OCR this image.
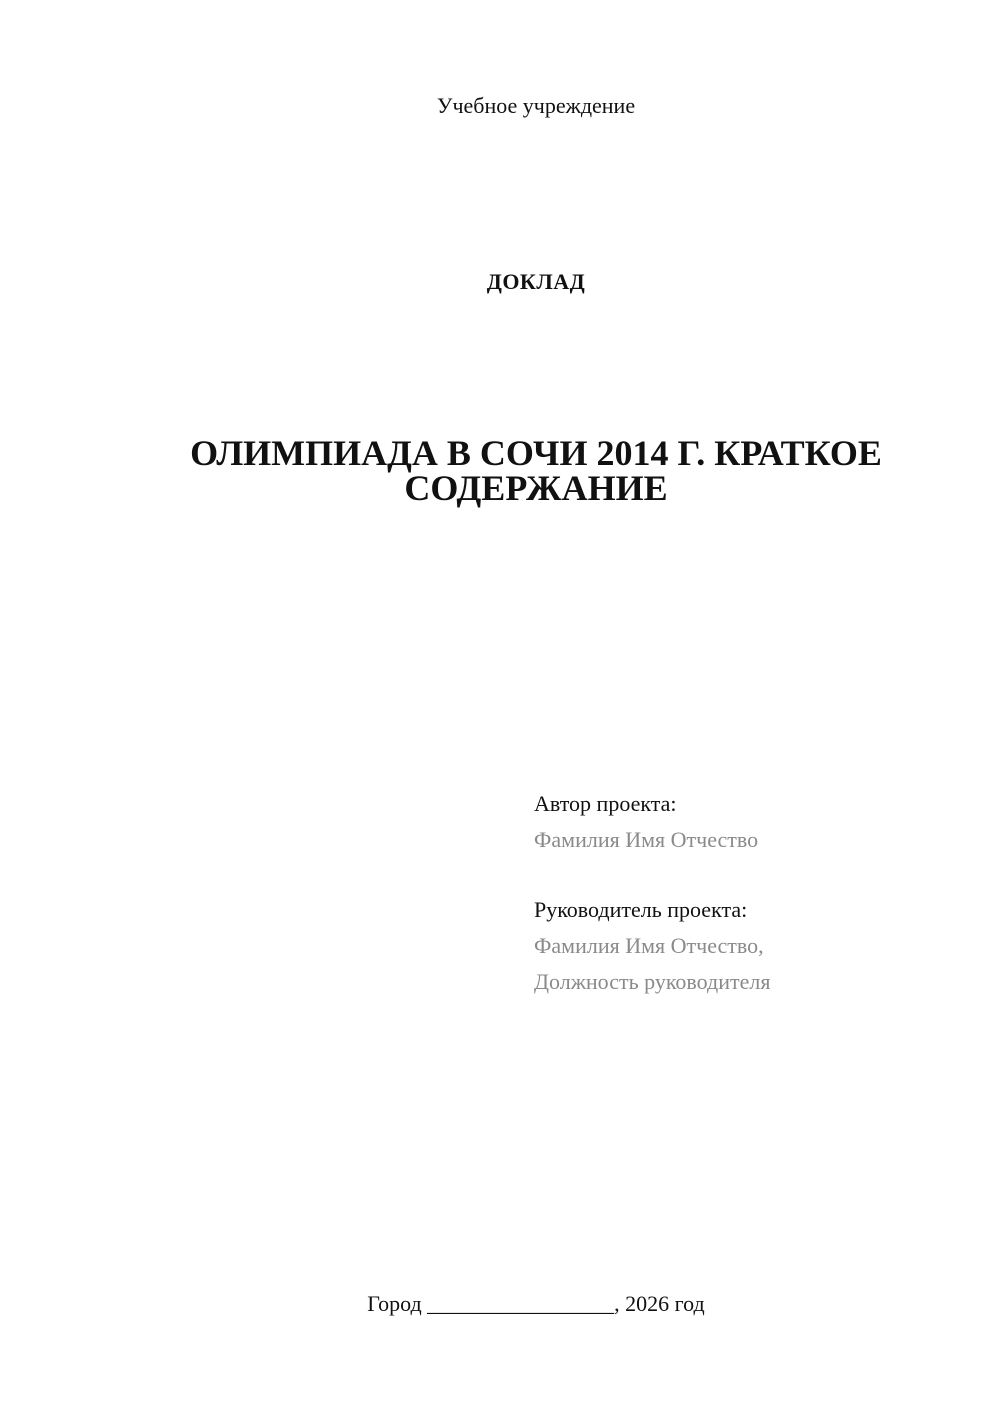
Учебное учреждение
ДОКЛАД
ОЛИМПИАДА В СОЧИ 2014 Г. КРАТКОЕ СОДЕРЖАНИЕ
Автор проекта:
Фамилия Имя Отчество
Руководитель проекта:
Фамилия Имя Отчество,
Должность руководителя
Город _________________, 2026 год
